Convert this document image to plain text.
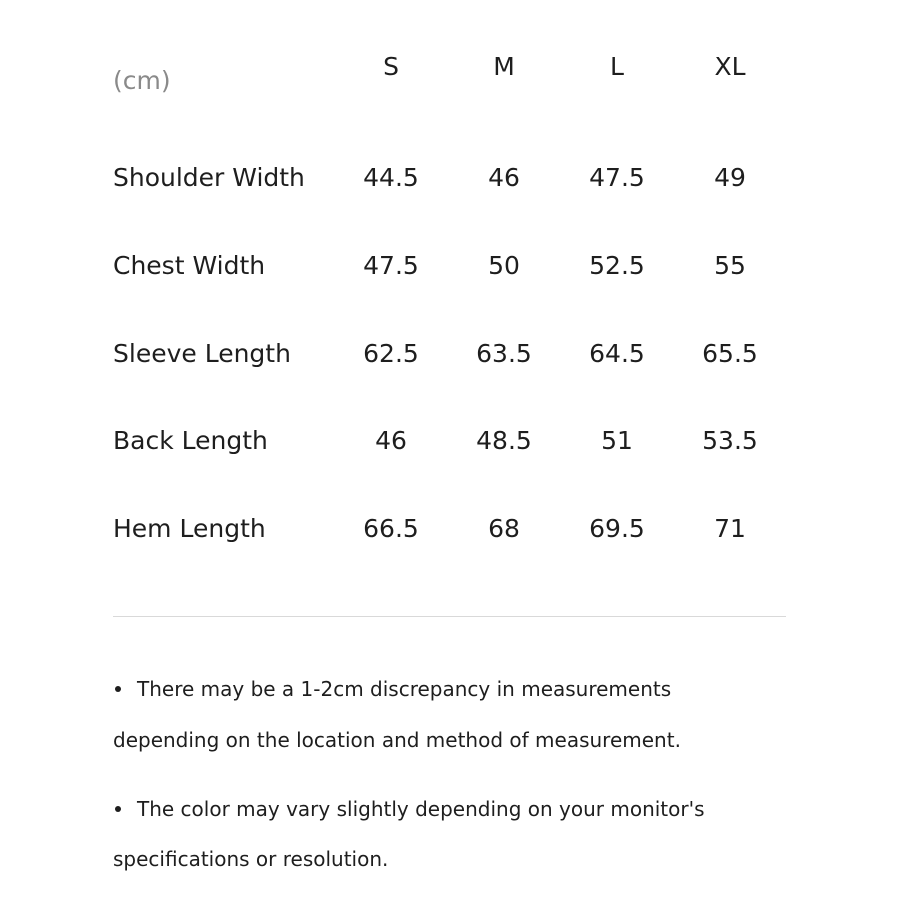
(cm)	S	M	L	XL
Shoulder Width	44.5	46	47.5	49
Chest Width	47.5	50	52.5	55
Sleeve Length	62.5	63.5	64.5	65.5
Back Length	46	48.5	51	53.5
Hem Length	66.5	68	69.5	71
There may be a 1-2cm discrepancy in measurements
depending on the location and method of measurement.
The color may vary slightly depending on your monitor's
specifications or resolution.
